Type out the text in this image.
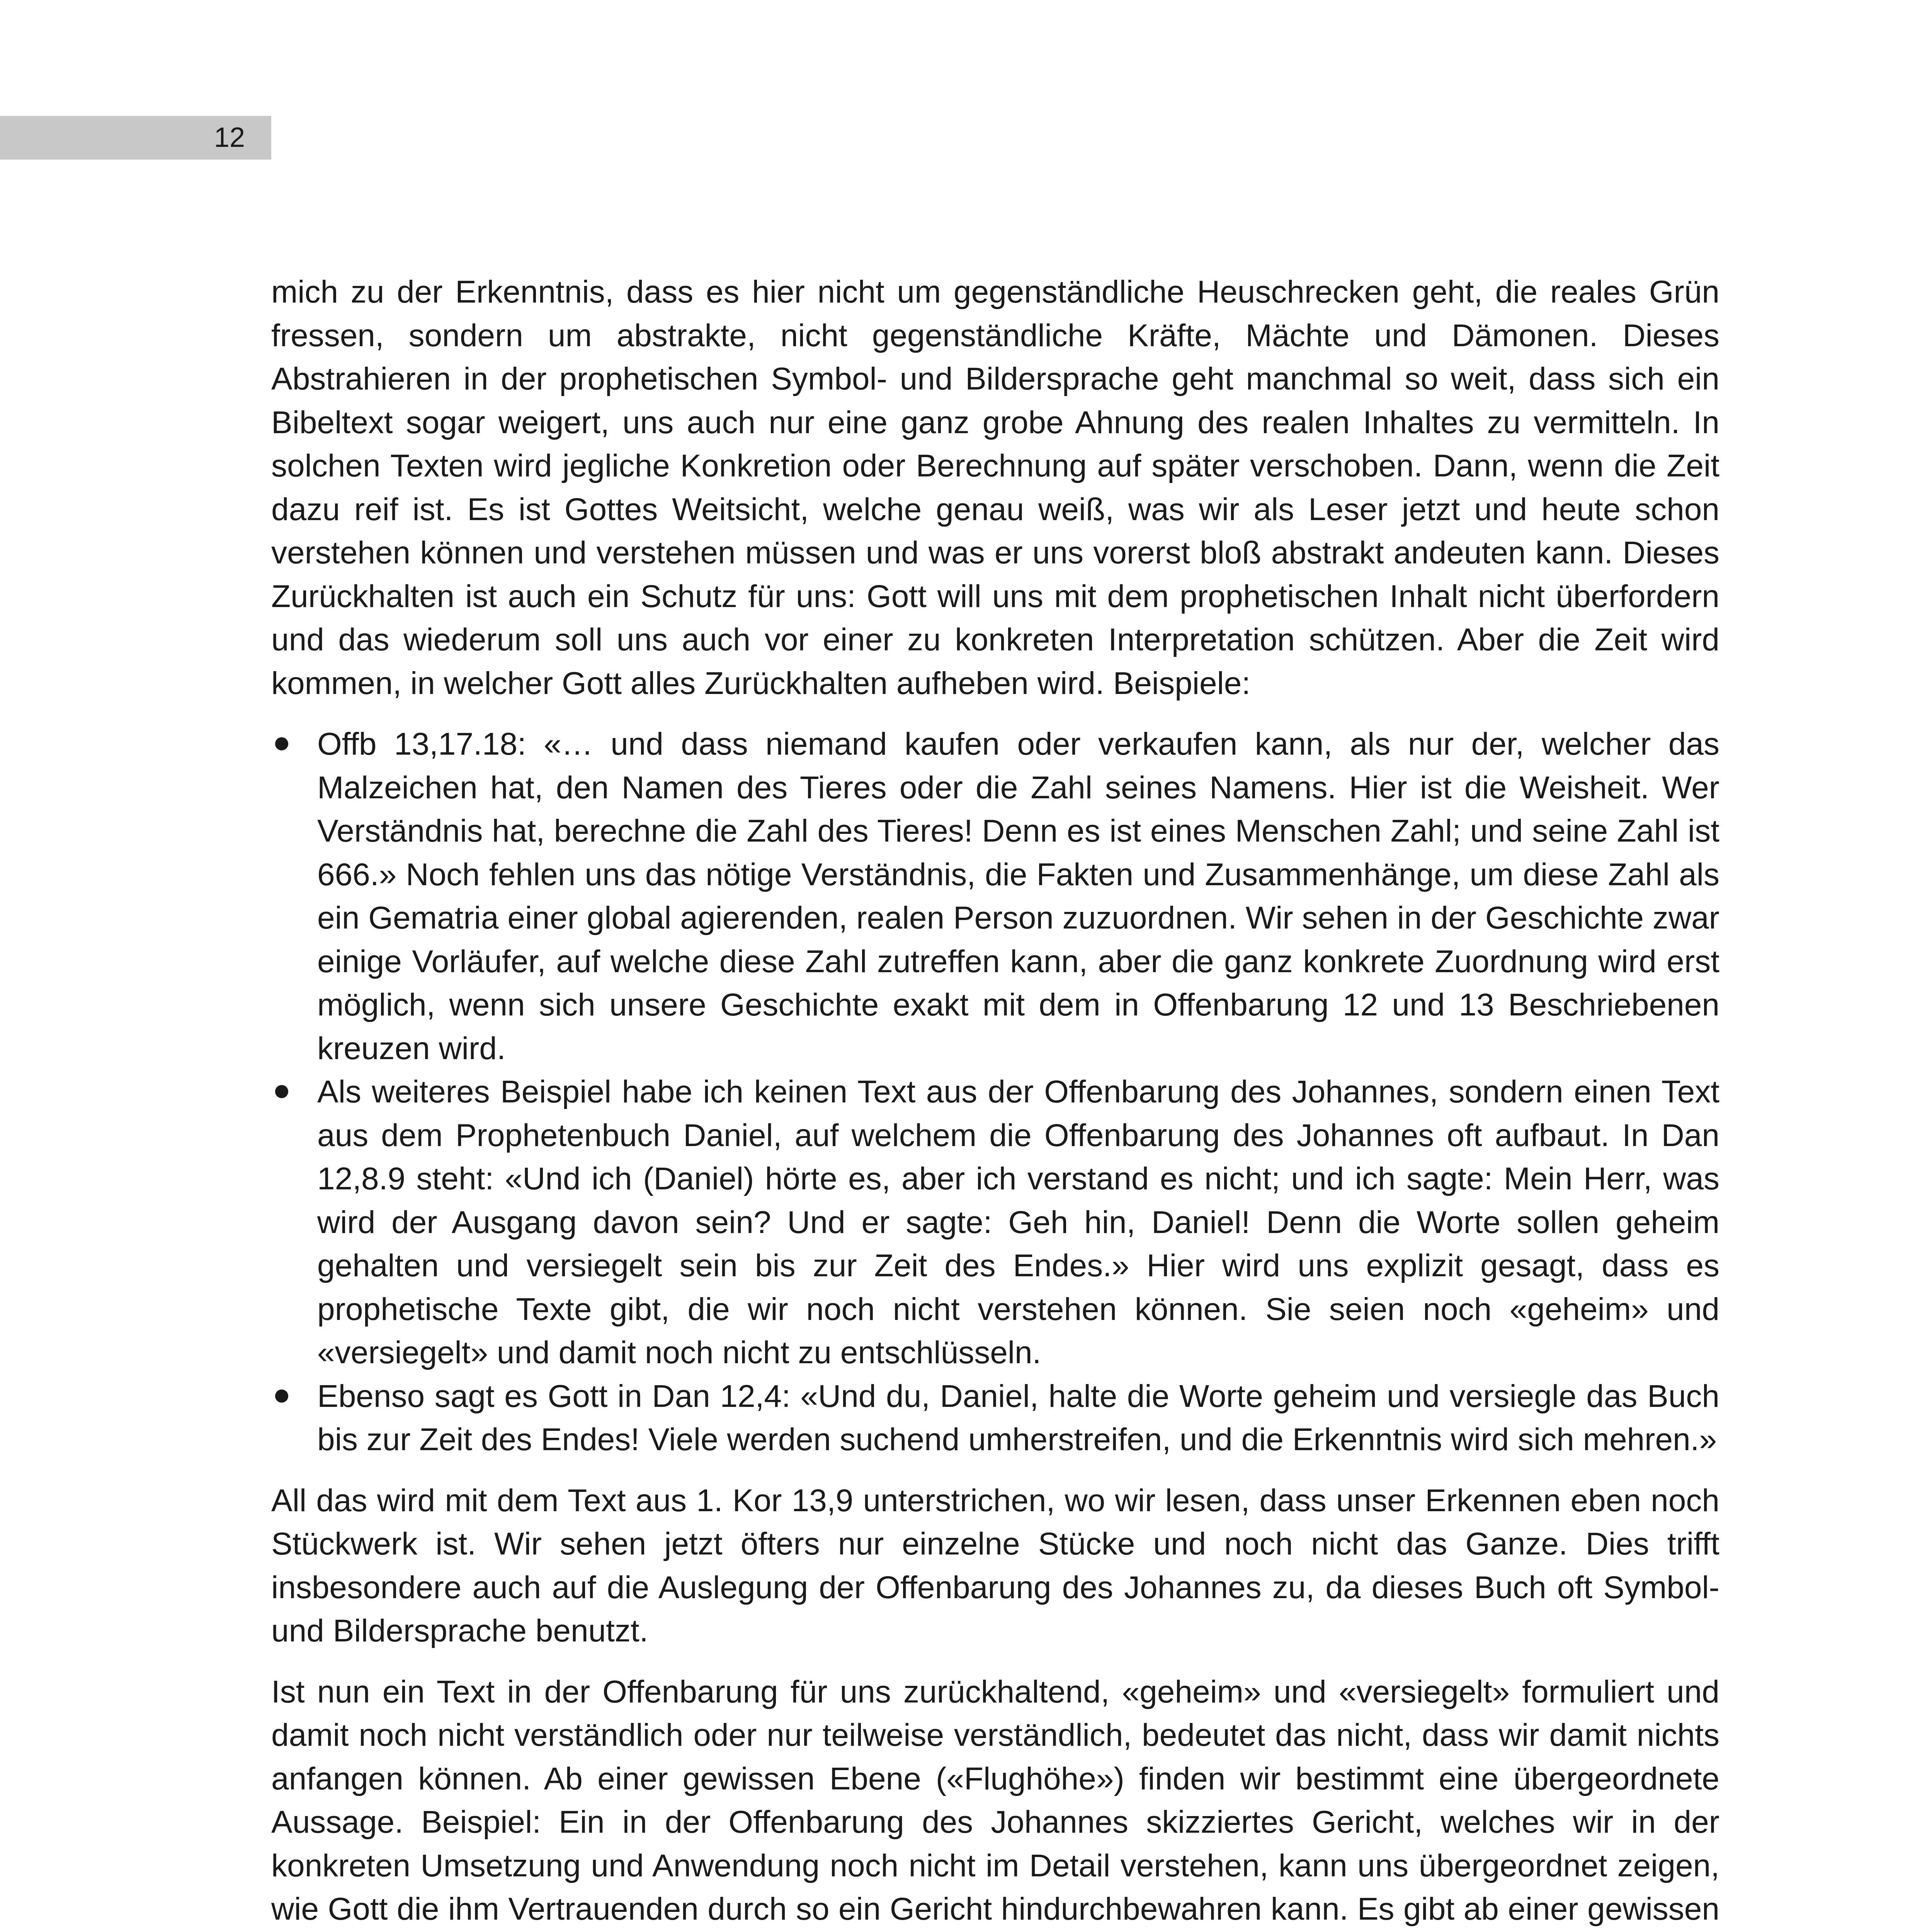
12

mich zu der Erkenntnis, dass es hier nicht um gegenständliche Heuschrecken geht, die reales Grün fressen, sondern um abstrakte, nicht gegenständliche Kräfte, Mächte und Dämonen. Dieses Abstrahieren in der prophetischen Symbol- und Bildersprache geht manchmal so weit, dass sich ein Bibeltext sogar weigert, uns auch nur eine ganz grobe Ahnung des realen Inhaltes zu vermitteln. In solchen Texten wird jegliche Konkretion oder Berechnung auf später verschoben. Dann, wenn die Zeit dazu reif ist. Es ist Gottes Weitsicht, welche genau weiß, was wir als Leser jetzt und heute schon verstehen können und verstehen müssen und was er uns vorerst bloß abstrakt andeuten kann. Dieses Zurückhalten ist auch ein Schutz für uns: Gott will uns mit dem prophetischen Inhalt nicht überfordern und das wiederum soll uns auch vor einer zu konkreten Interpretation schützen. Aber die Zeit wird kommen, in welcher Gott alles Zurückhalten aufheben wird. Beispiele:

Offb 13,17.18: «… und dass niemand kaufen oder verkaufen kann, als nur der, welcher das Malzeichen hat, den Namen des Tieres oder die Zahl seines Namens. Hier ist die Weisheit. Wer Verständnis hat, berechne die Zahl des Tieres! Denn es ist eines Menschen Zahl; und seine Zahl ist 666.» Noch fehlen uns das nötige Verständnis, die Fakten und Zusammenhänge, um diese Zahl als ein Gematria einer global agierenden, realen Person zuzuordnen. Wir sehen in der Geschichte zwar einige Vorläufer, auf welche diese Zahl zutreffen kann, aber die ganz konkrete Zuordnung wird erst möglich, wenn sich unsere Geschichte exakt mit dem in Offenbarung 12 und 13 Beschriebenen kreuzen wird.
Als weiteres Beispiel habe ich keinen Text aus der Offenbarung des Johannes, sondern einen Text aus dem Prophetenbuch Daniel, auf welchem die Offenbarung des Johannes oft aufbaut. In Dan 12,8.9 steht: «Und ich (Daniel) hörte es, aber ich verstand es nicht; und ich sagte: Mein Herr, was wird der Ausgang davon sein? Und er sagte: Geh hin, Daniel! Denn die Worte sollen geheim gehalten und versiegelt sein bis zur Zeit des Endes.» Hier wird uns explizit gesagt, dass es prophetische Texte gibt, die wir noch nicht verstehen können. Sie seien noch «geheim» und «versiegelt» und damit noch nicht zu entschlüsseln.
Ebenso sagt es Gott in Dan 12,4: «Und du, Daniel, halte die Worte geheim und versiegle das Buch bis zur Zeit des Endes! Viele werden suchend umherstreifen, und die Erkenntnis wird sich mehren.»

All das wird mit dem Text aus 1. Kor 13,9 unterstrichen, wo wir lesen, dass unser Erkennen eben noch Stückwerk ist. Wir sehen jetzt öfters nur einzelne Stücke und noch nicht das Ganze. Dies trifft insbesondere auch auf die Auslegung der Offenbarung des Johannes zu, da dieses Buch oft Symbol- und Bildersprache benutzt.

Ist nun ein Text in der Offenbarung für uns zurückhaltend, «geheim» und «versiegelt» formuliert und damit noch nicht verständlich oder nur teilweise verständlich, bedeutet das nicht, dass wir damit nichts anfangen können. Ab einer gewissen Ebene («Flughöhe») finden wir bestimmt eine übergeordnete Aussage. Beispiel: Ein in der Offenbarung des Johannes skizziertes Gericht, welches wir in der konkreten Umsetzung und Anwendung noch nicht im Detail verstehen, kann uns übergeordnet zeigen, wie Gott die ihm Vertrauenden durch so ein Gericht hindurchbewahren kann. Es gibt ab einer gewissen
